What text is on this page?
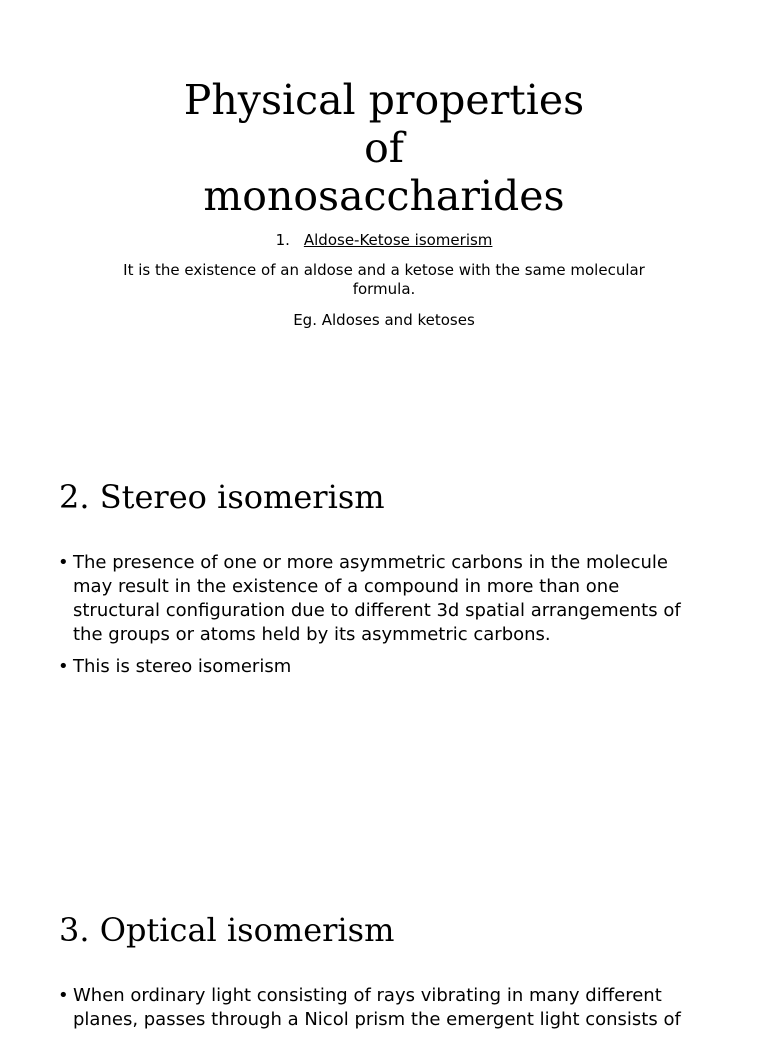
Physical properties of monosaccharides
1. Aldose-Ketose isomerism

It is the existence of an aldose and a ketose with the same molecular formula.

Eg. Aldoses and ketoses

2. Stereo isomerism
• The presence of one or more asymmetric carbons in the molecule may result in the existence of a compound in more than one structural configuration due to different 3d spatial arrangements of the groups or atoms held by its asymmetric carbons.
• This is stereo isomerism
3. Optical isomerism
• When ordinary light consisting of rays vibrating in many different planes, passes through a Nicol prism the emergent light consists of
